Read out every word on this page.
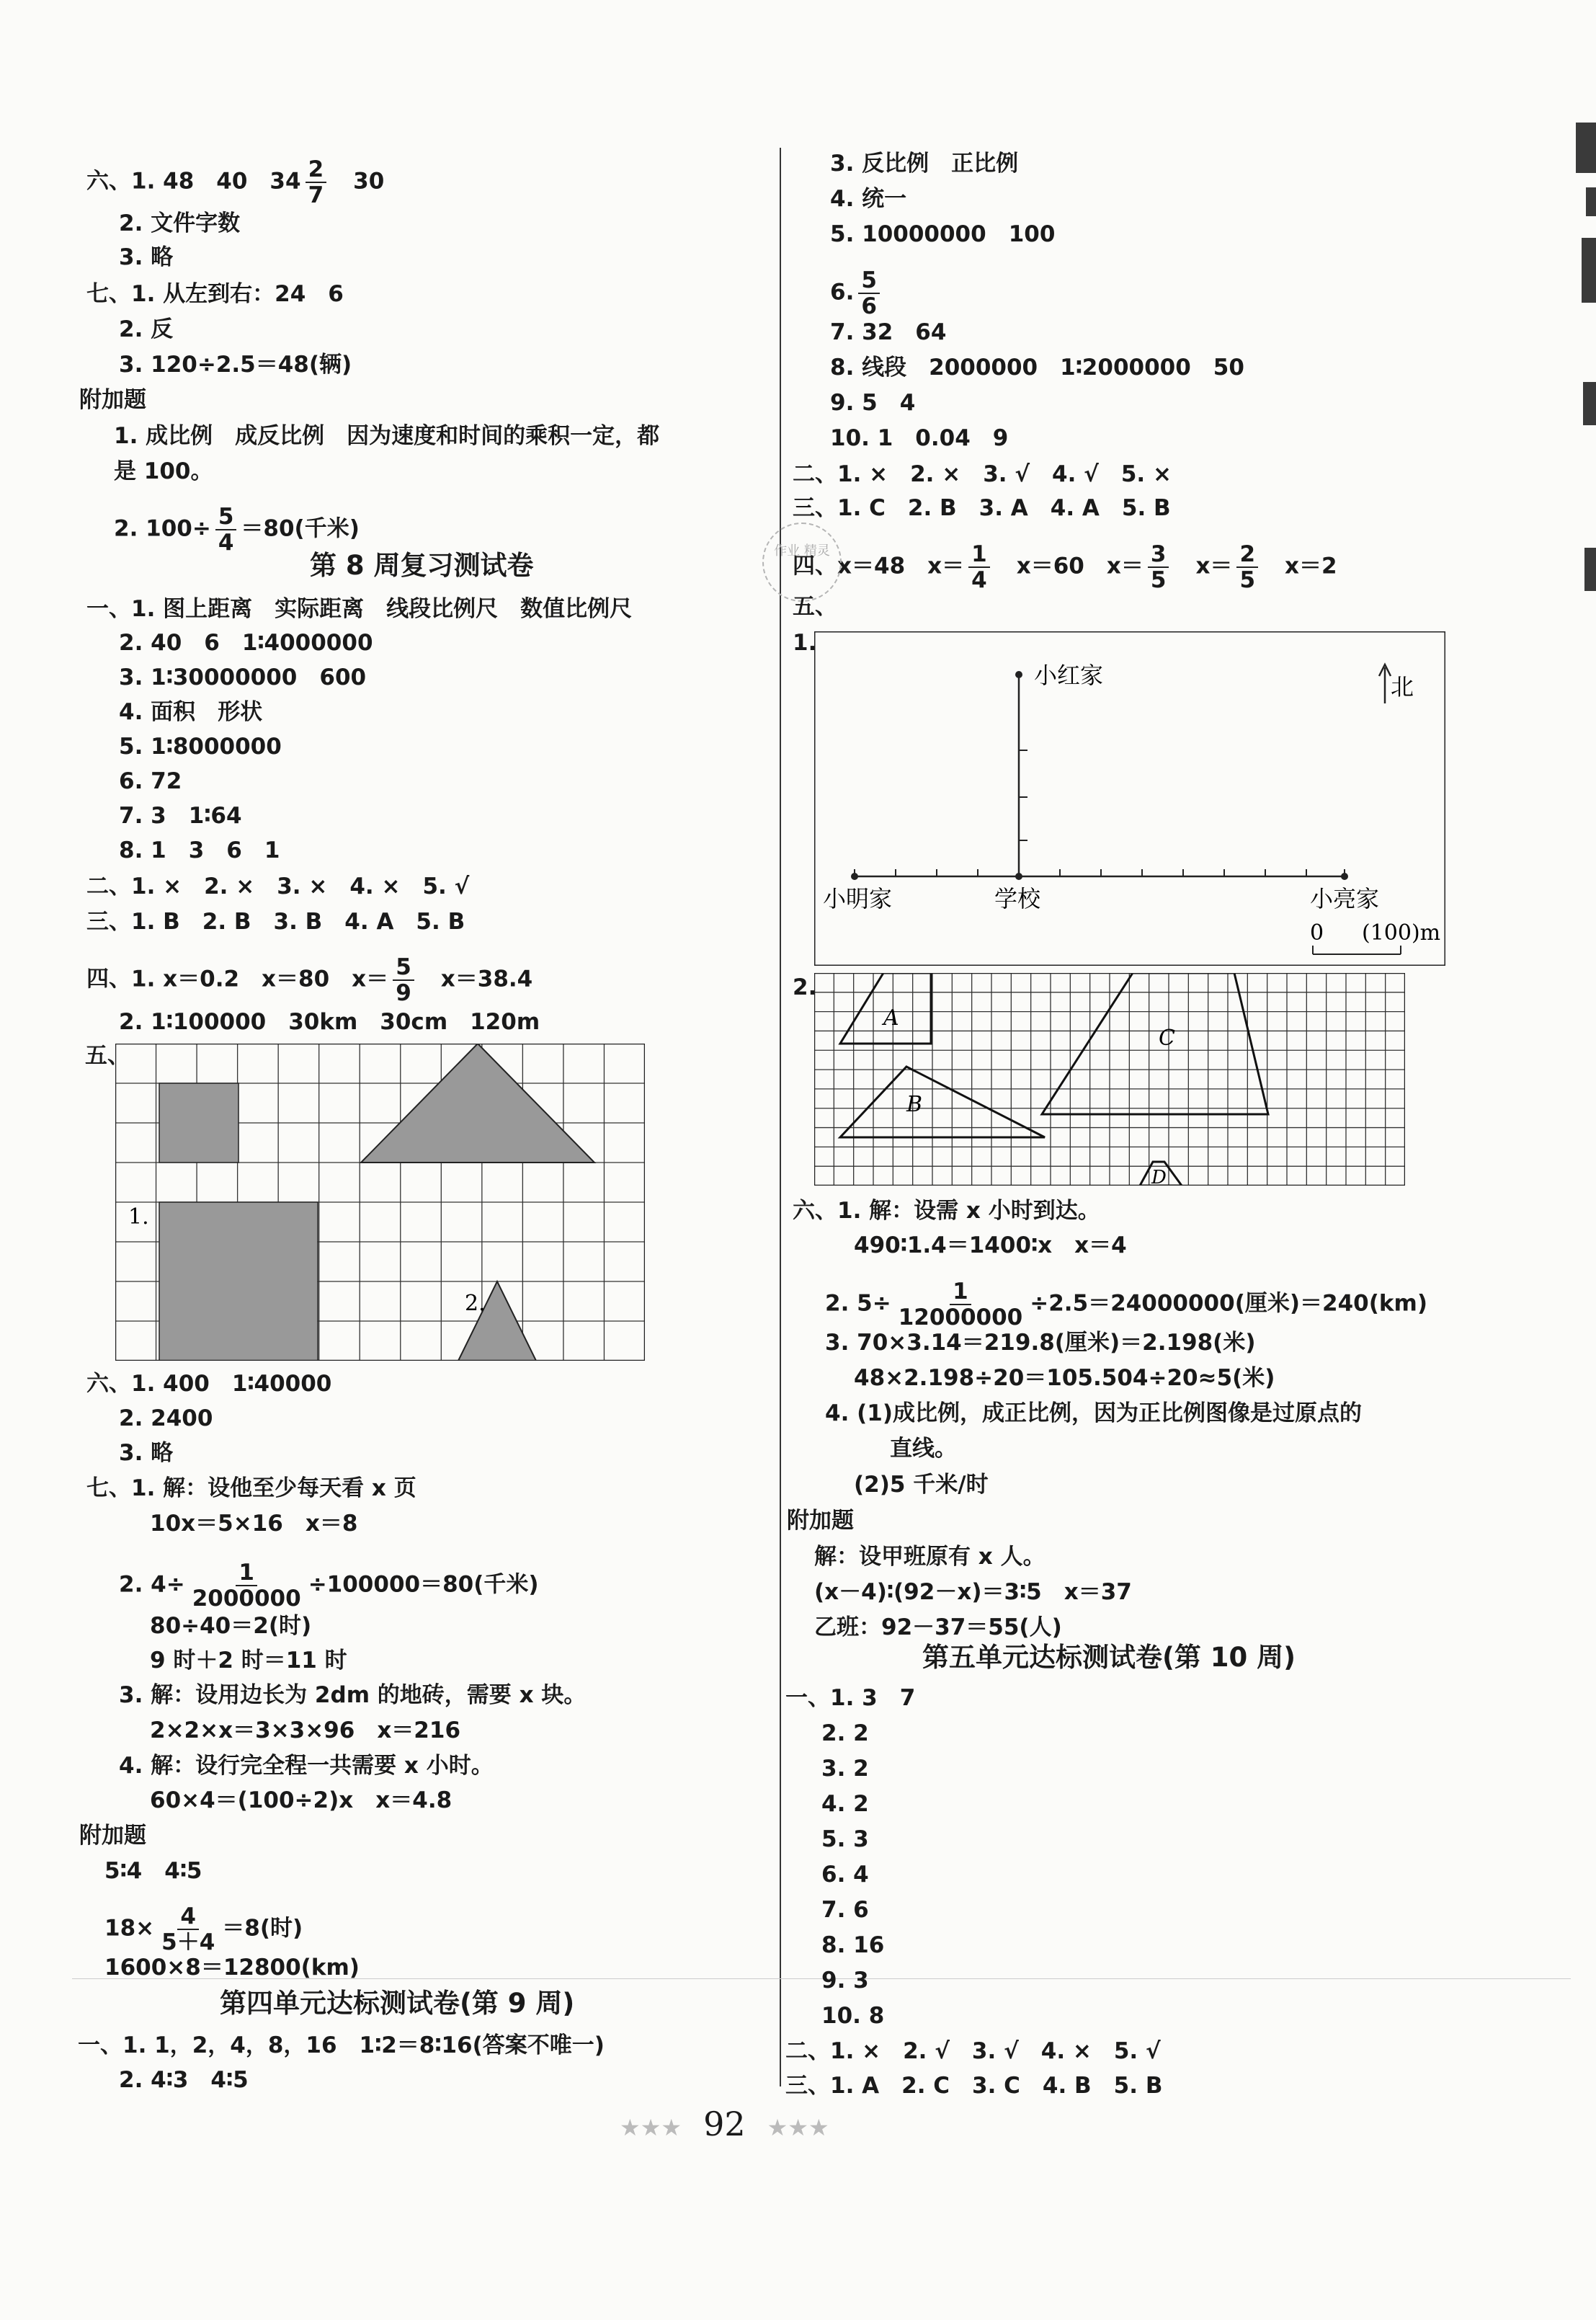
六、1. 48　40　$34 \frac{2}{7}$
　 30
2. 文件字数
3. 略
七、1. 从左到右：24　6
2. 反
3. 120÷2.5＝48(辆)
附加题
1. 成比例　成反比例　因为速度和时间的乘积一定，都
是 100。
2. $100\div \frac{5}{4} =80$(千米)
第 8 周复习测试卷
一、1. 图上距离　实际距离　线段比例尺　数值比例尺
2. 40　6　1∶4000000
3. 1∶30000000　600
4. 面积　形状
5. 1∶8000000
6. 72
7. 3　1∶64
8. 1　3　6　1
二、1. ×　2. ×　3. ×　4. ×　5. √
三、1. B　2. B　3. B　4. A　5. B
四、1. x＝0.2　x＝80　$x= \frac{5}{9}$
　 x＝38.4
2. 1∶100000　30km　30cm　120m
五、
1.
2.
六、1. 400　1∶40000
2. 2400
3. 略
七、1. 解：设他至少每天看 x 页
10x＝5×16　x＝8
2. $4\div \frac{1}{2000000} \div 100000=80$(千米)
80÷40＝2(时)
9 时＋2 时＝11 时
3. 解：设用边长为 2dm 的地砖，需要 x 块。
2×2×x＝3×3×96　x＝216
4. 解：设行完全程一共需要 x 小时。
60×4＝(100÷2)x　x＝4.8
附加题
5∶4　4∶5
$18\times \frac{4}{5+4} =8$(时)
1600×8＝12800(km)
第四单元达标测试卷(第 9 周)
一、1. 1，2，4，8，16　1∶2＝8∶16(答案不唯一)
2. 4∶3　4∶5
3. 反比例　正比例
4. 统一
5. 10000000　100
6. $\frac{5}{6}$
7. 32　64
8. 线段　2000000　1∶2000000　50
9. 5　4
10. 1　0.04　9
二、1. ×　2. ×　3. √　4. √　5. ×
三、1. C　2. B　3. A　4. A　5. B
四、x＝48　$x= \frac{1}{4}$
　 x＝60　$x= \frac{3}{5}$
　 $x= \frac{2}{5}$
　 x＝2
作业 精灵
五、
1.
小红家	北
小明家	学校	小亮家
0 (100)m
2.
A
B
C
D
六、1. 解：设需 x 小时到达。
490∶1.4＝1400∶x　x＝4
2. $5\div \frac{1}{12000000} \div 2.5=24000000$(厘米)＝240(km)
3. 70×3.14＝219.8(厘米)＝2.198(米)
48×2.198÷20＝105.504÷20≈5(米)
4. (1)成比例，成正比例，因为正比例图像是过原点的
直线。
(2)5 千米/时
附加题
解：设甲班原有 x 人。
(x－4)∶(92－x)＝3∶5　x＝37
乙班：92－37＝55(人)
第五单元达标测试卷(第 10 周)
一、1. 3　7
2. 2
3. 2
4. 2
5. 3
6. 4
7. 6
8. 16
9. 3
10. 8
二、1. ×　2. √　3. √　4. ×　5. √
三、1. A　2. C　3. C　4. B　5. B
★★★ 92 ★★★
